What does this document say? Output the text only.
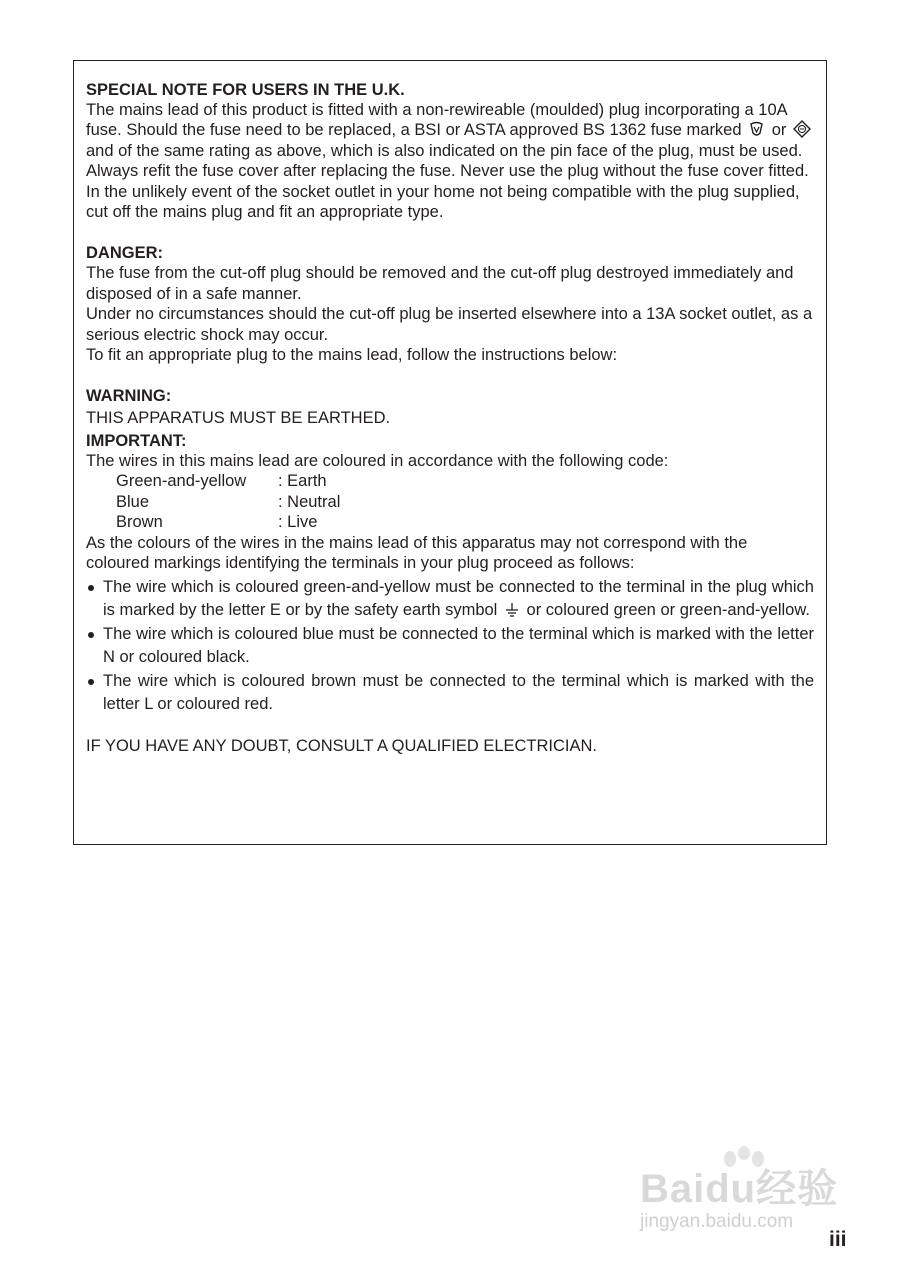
SPECIAL NOTE FOR USERS IN THE U.K.

The mains lead of this product is fitted with a non-rewireable (moulded) plug incorporating a 10A fuse. Should the fuse need to be replaced, a BSI or ASTA approved BS 1362 fuse marked  or  and of the same rating as above, which is also indicated on the pin face of the plug, must be used.

Always refit the fuse cover after replacing the fuse. Never use the plug without the fuse cover fitted.

In the unlikely event of the socket outlet in your home not being compatible with the plug supplied, cut off the mains plug and fit an appropriate type.

DANGER:

The fuse from the cut-off plug should be removed and the cut-off plug destroyed immediately and disposed of in a safe manner.

Under no circumstances should the cut-off plug be inserted elsewhere into a 13A socket outlet, as a serious electric shock may occur.

To fit an appropriate plug to the mains lead, follow the instructions below:

WARNING:

THIS APPARATUS MUST BE EARTHED.

IMPORTANT:

The wires in this mains lead are coloured in accordance with the following code:

Green-and-yellow	: Earth
Blue	: Neutral
Brown	: Live

As the colours of the wires in the mains lead of this apparatus may not correspond with the coloured markings identifying the terminals in your plug proceed as follows:

The wire which is coloured green-and-yellow must be connected to the terminal in the plug which is marked by the letter E or by the safety earth symbol  or coloured green or green-and-yellow.
The wire which is coloured blue must be connected to the terminal which is marked with the letter N or coloured black.
The wire which is coloured brown must be connected to the terminal which is marked with the letter L or coloured red.

IF YOU HAVE ANY DOUBT, CONSULT A QUALIFIED ELECTRICIAN.

Baidu经验
jingyan.baidu.com
iii
